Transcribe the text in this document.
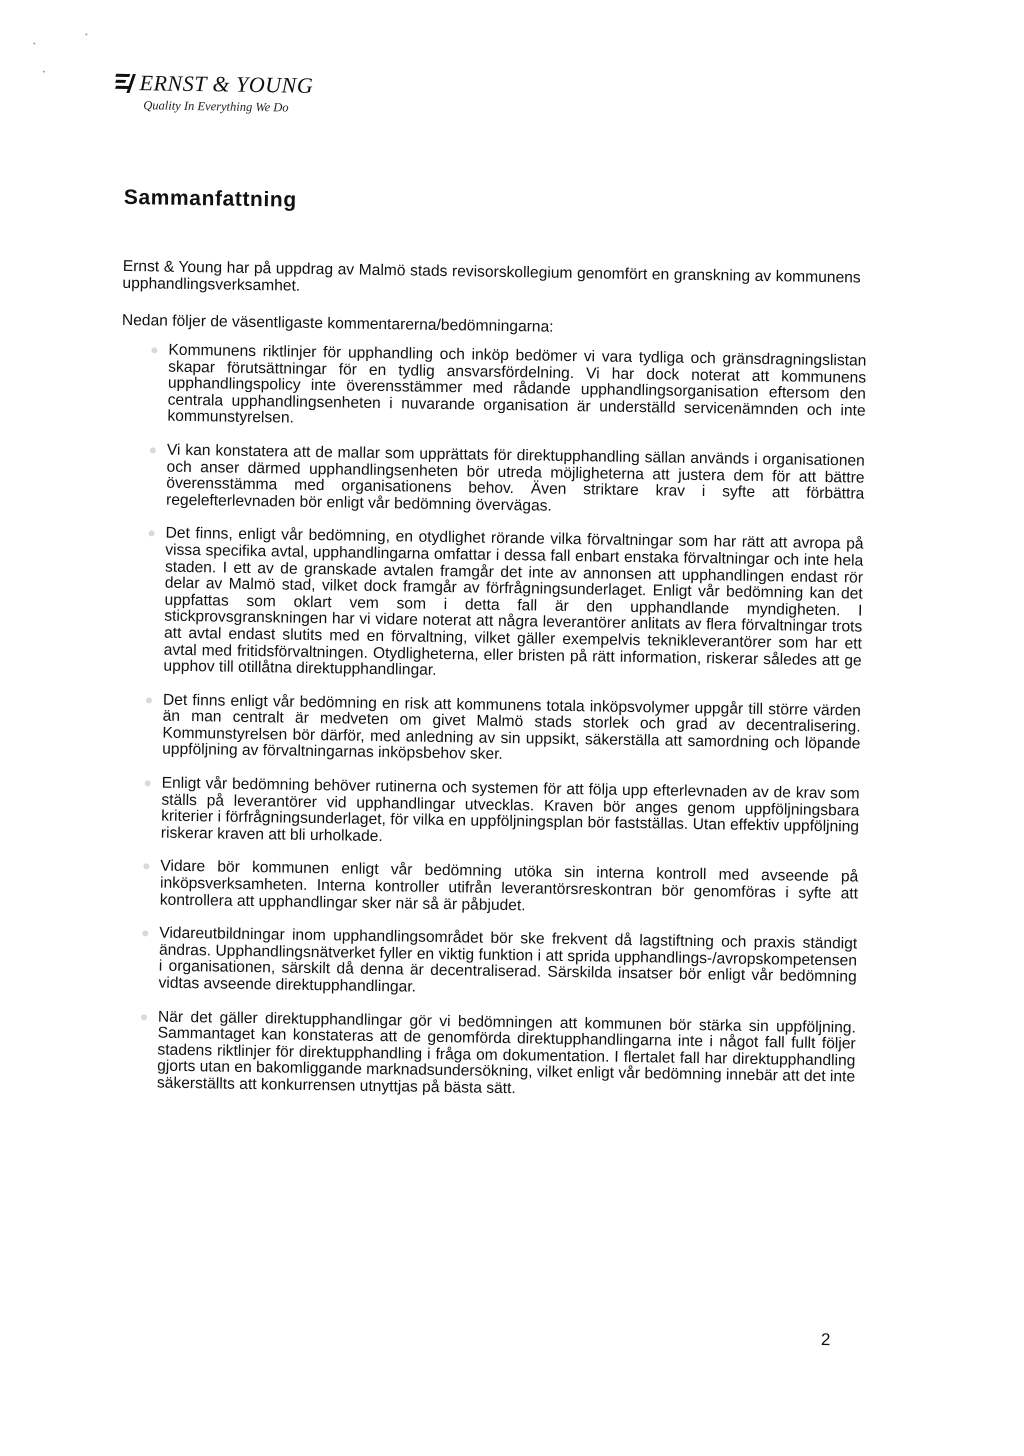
ERNST & YOUNG
Quality In Everything We Do
Sammanfattning

Ernst & Young har på uppdrag av Malmö stads revisorskollegium genomfört en granskning av kommunens upphandlingsverksamhet.

Nedan följer de väsentligaste kommentarerna/bedömningarna:

Kommunens riktlinjer för upphandling och inköp bedömer vi vara tydliga och gränsdragningslistan skapar förutsättningar för en tydlig ansvarsfördelning. Vi har dock noterat att kommunens upphandlingspolicy inte överensstämmer med rådande upphandlingsorganisation eftersom den centrala upphandlingsenheten i nuvarande organisation är underställd servicenämnden och inte kommunstyrelsen.
Vi kan konstatera att de mallar som upprättats för direktupphandling sällan används i organisationen och anser därmed upphandlingsenheten bör utreda möjligheterna att justera dem för att bättre överensstämma med organisationens behov. Även striktare krav i syfte att förbättra regelefterlevnaden bör enligt vår bedömning övervägas.
Det finns, enligt vår bedömning, en otydlighet rörande vilka förvaltningar som har rätt att avropa på vissa specifika avtal, upphandlingarna omfattar i dessa fall enbart enstaka förvaltningar och inte hela staden. I ett av de granskade avtalen framgår det inte av annonsen att upphandlingen endast rör delar av Malmö stad, vilket dock framgår av förfrågningsunderlaget. Enligt vår bedömning kan det uppfattas som oklart vem som i detta fall är den upphandlande myndigheten. I stickprovsgranskningen har vi vidare noterat att några leverantörer anlitats av flera förvaltningar trots att avtal endast slutits med en förvaltning, vilket gäller exempelvis teknikleverantörer som har ett avtal med fritidsförvaltningen. Otydligheterna, eller bristen på rätt information, riskerar således att ge upphov till otillåtna direktupphandlingar.
Det finns enligt vår bedömning en risk att kommunens totala inköpsvolymer uppgår till större värden än man centralt är medveten om givet Malmö stads storlek och grad av decentralisering. Kommunstyrelsen bör därför, med anledning av sin uppsikt, säkerställa att samordning och löpande uppföljning av förvaltningarnas inköpsbehov sker.
Enligt vår bedömning behöver rutinerna och systemen för att följa upp efterlevnaden av de krav som ställs på leverantörer vid upphandlingar utvecklas. Kraven bör anges genom uppföljningsbara kriterier i förfrågningsunderlaget, för vilka en uppföljningsplan bör fastställas. Utan effektiv uppföljning riskerar kraven att bli urholkade.
Vidare bör kommunen enligt vår bedömning utöka sin interna kontroll med avseende på inköpsverksamheten. Interna kontroller utifrån leverantörsreskontran bör genomföras i syfte att kontrollera att upphandlingar sker när så är påbjudet.
Vidareutbildningar inom upphandlingsområdet bör ske frekvent då lagstiftning och praxis ständigt ändras. Upphandlingsnätverket fyller en viktig funktion i att sprida upphandlings-/avropskompetensen i organisationen, särskilt då denna är decentraliserad. Särskilda insatser bör enligt vår bedömning vidtas avseende direktupphandlingar.
När det gäller direktupphandlingar gör vi bedömningen att kommunen bör stärka sin uppföljning. Sammantaget kan konstateras att de genomförda direktupphandlingarna inte i något fall fullt följer stadens riktlinjer för direktupphandling i fråga om dokumentation. I flertalet fall har direktupphandling gjorts utan en bakomliggande marknadsundersökning, vilket enligt vår bedömning innebär att det inte säkerställts att konkurrensen utnyttjas på bästa sätt.

2
